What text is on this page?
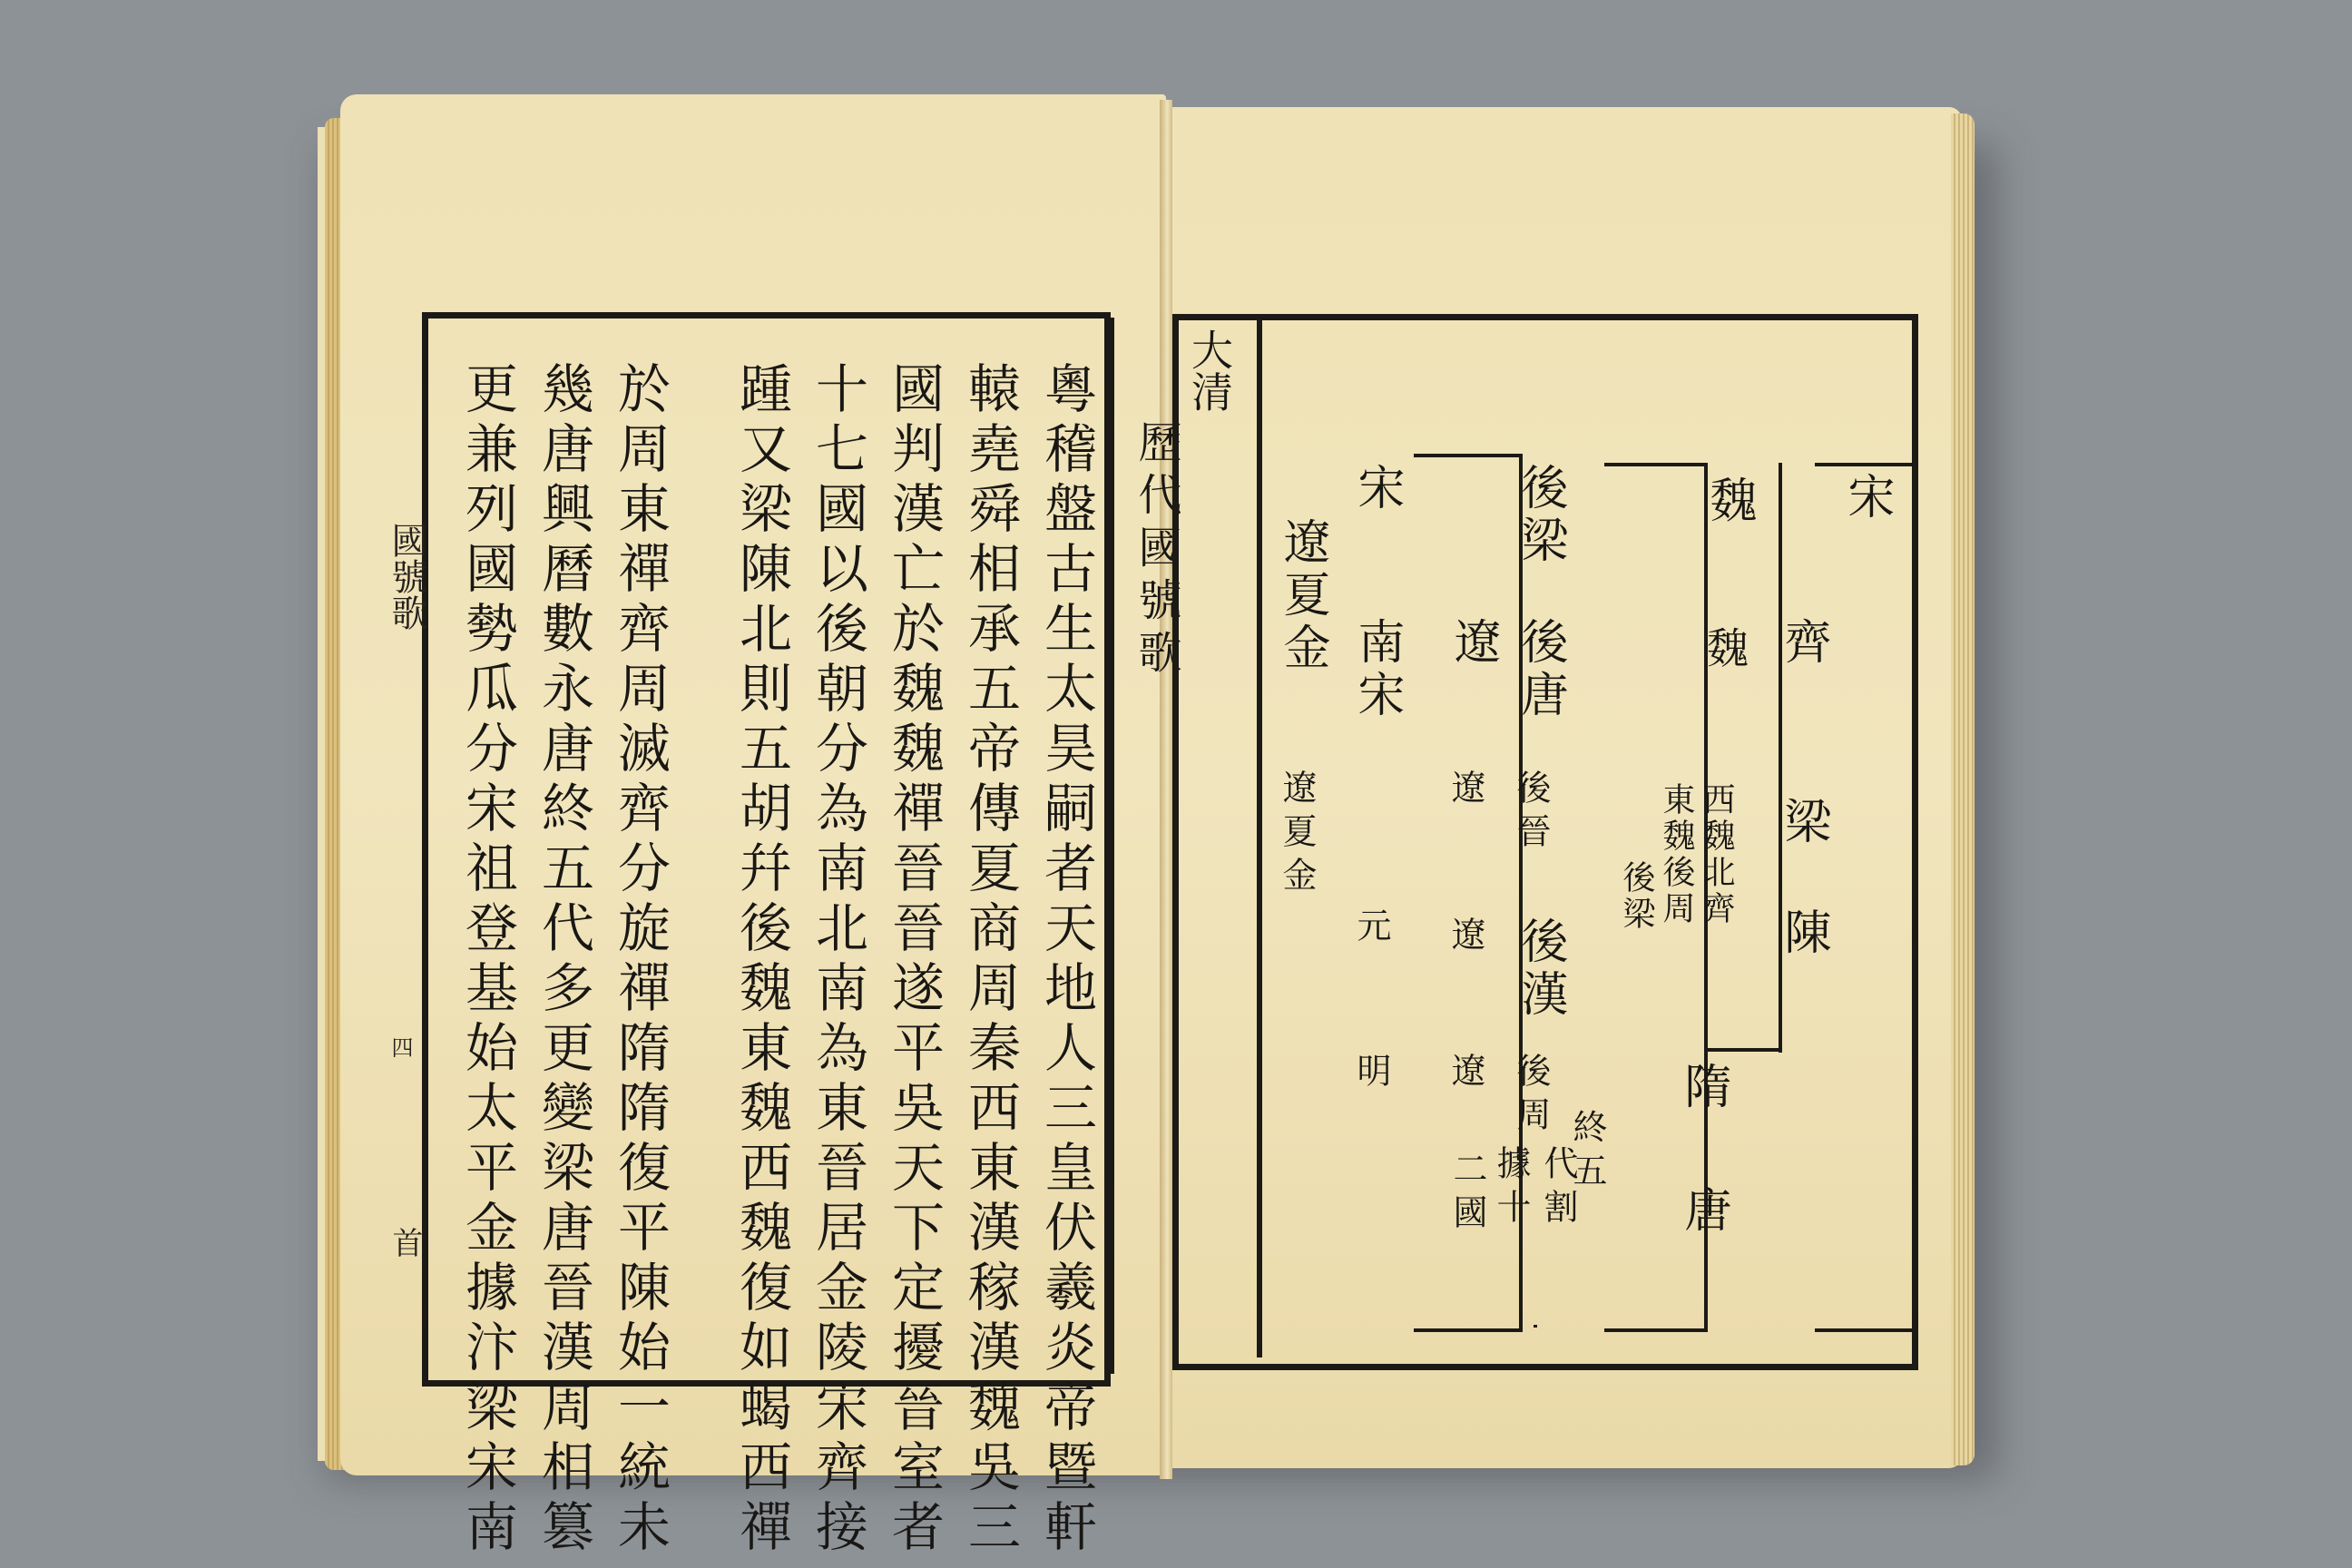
國號歌
首
四
歷代國號歌
粵稽盤古生太昊嗣者天地人三皇伏羲炎帝暨軒
轅堯舜相承五帝傳夏商周秦西東漢稼漢魏吳三
國判漢亡於魏魏禪晉晉遂平吳天下定擾晉室者
十七國以後朝分為南北南為東晉居金陵宋齊接
踵又梁陳北則五胡幷後魏東魏西魏復如蝎西禪
於周東禪齊周滅齊分旋禪隋隋復平陳始一統未
幾唐興曆數永唐終五代多更變梁唐晉漢周相篡
更兼列國勢瓜分宋祖登基始太平金據汴梁宋南	大清
宋
齊
梁
陳
隋
唐
魏
魏
西魏北齊
東魏後周
後梁
後梁
後唐
後晉
後漢
後周
終五
代割
據十
二國
遼
遼
遼
遼
宋
南宋
元
明
遼夏金
遼夏金
